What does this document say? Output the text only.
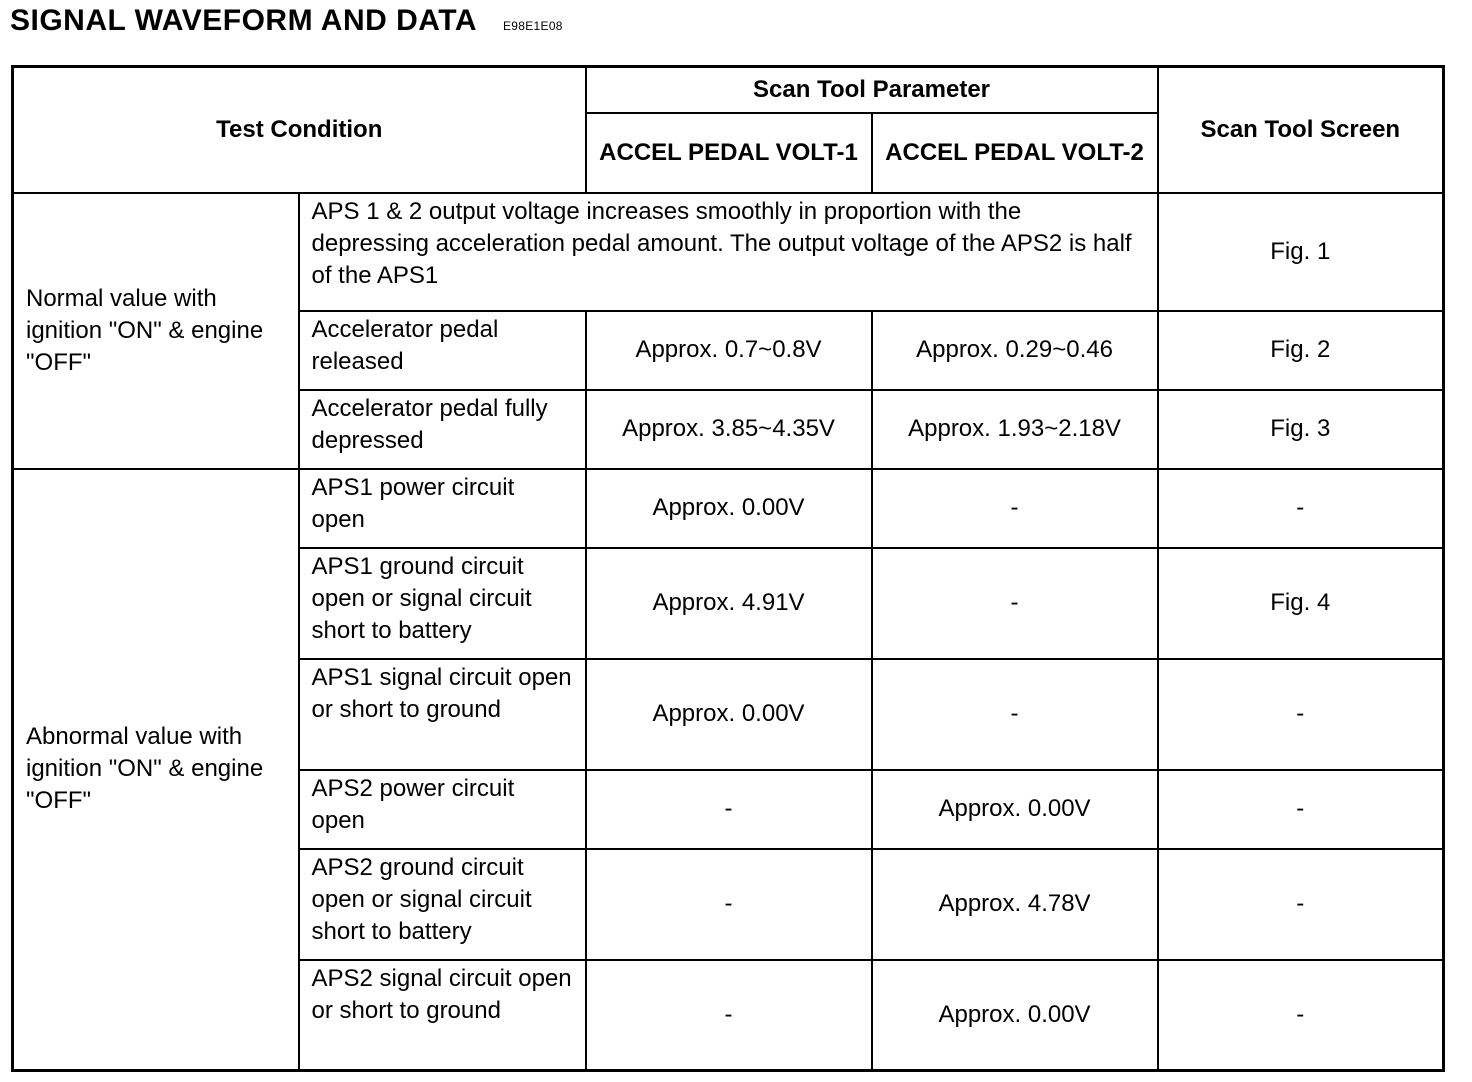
SIGNAL WAVEFORM AND DATA E98E1E08
Test Condition		Scan Tool Parameter		Scan Tool Screen
		ACCEL PEDAL VOLT-1	ACCEL PEDAL VOLT-2	
Normal value with ignition "ON" & engine "OFF"	APS 1 & 2 output voltage increases smoothly in proportion with the depressing acceleration pedal amount. The output voltage of the APS2 is half of the APS1			Fig. 1
	Accelerator pedal released	Approx. 0.7~0.8V	Approx. 0.29~0.46	Fig. 2
	Accelerator pedal fully depressed	Approx. 3.85~4.35V	Approx. 1.93~2.18V	Fig. 3
Abnormal value with ignition "ON" & engine "OFF"	APS1 power circuit open	Approx. 0.00V	-	-
	APS1 ground circuit open or signal circuit short to battery	Approx. 4.91V	-	Fig. 4
	APS1 signal circuit open or short to ground	Approx. 0.00V	-	-
	APS2 power circuit open	-	Approx. 0.00V	-
	APS2 ground circuit open or signal circuit short to battery	-	Approx. 4.78V	-
	APS2 signal circuit open or short to ground	-	Approx. 0.00V	-
